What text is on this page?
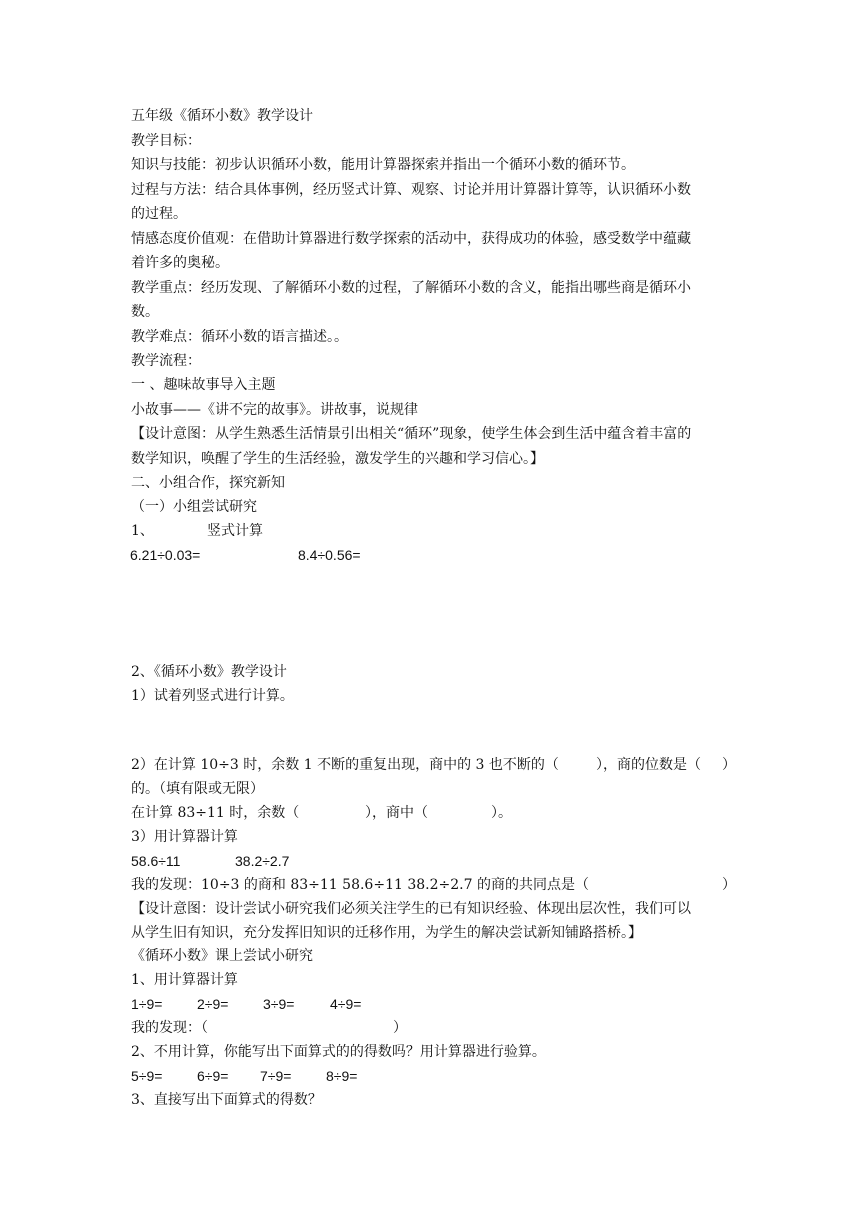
五年级《循环小数》教学设计
教学目标：
知识与技能：初步认识循环小数，能用计算器探索并指出一个循环小数的循环节。
过程与方法：结合具体事例，经历竖式计算、观察、讨论并用计算器计算等，认识循环小数
的过程。
情感态度价值观：在借助计算器进行数学探索的活动中，获得成功的体验，感受数学中蕴藏
着许多的奥秘。
教学重点：经历发现、了解循环小数的过程，了解循环小数的含义，能指出哪些商是循环小
数。
教学难点：循环小数的语言描述。。
教学流程：
一 、趣味故事导入主题
小故事——《讲不完的故事》。讲故事，说规律
【设计意图：从学生熟悉生活情景引出相关“循环”现象，使学生体会到生活中蕴含着丰富的
数学知识，唤醒了学生的生活经验，激发学生的兴趣和学习信心。】
二、小组合作，探究新知
（一）小组尝试研究
1、	竖式计算
6.21÷0.03=	8.4÷0.56=
2、《循环小数》教学设计
1）试着列竖式进行计算。
2）在计算 10÷3 时，余数 1 不断的重复出现，商中的 3 也不断的（	），商的位数是（ ）
的。（填有限或无限）
在计算 83÷11 时，余数（	），商中（	）。
3）用计算器计算
58.6÷11	38.2÷2.7
我的发现：10÷3 的商和 83÷11 58.6÷11 38.2÷2.7 的商的共同点是（	）
【设计意图：设计尝试小研究我们必须关注学生的已有知识经验、体现出层次性，我们可以
从学生旧有知识，充分发挥旧知识的迁移作用，为学生的解决尝试新知铺路搭桥。】
《循环小数》课上尝试小研究
1、用计算器计算
1÷9= 2÷9= 3÷9=	4÷9=
我的发现：（	）
2、不用计算，你能写出下面算式的的得数吗？用计算器进行验算。
5÷9= 6÷9= 7÷9= 8÷9=
3、直接写出下面算式的得数？
